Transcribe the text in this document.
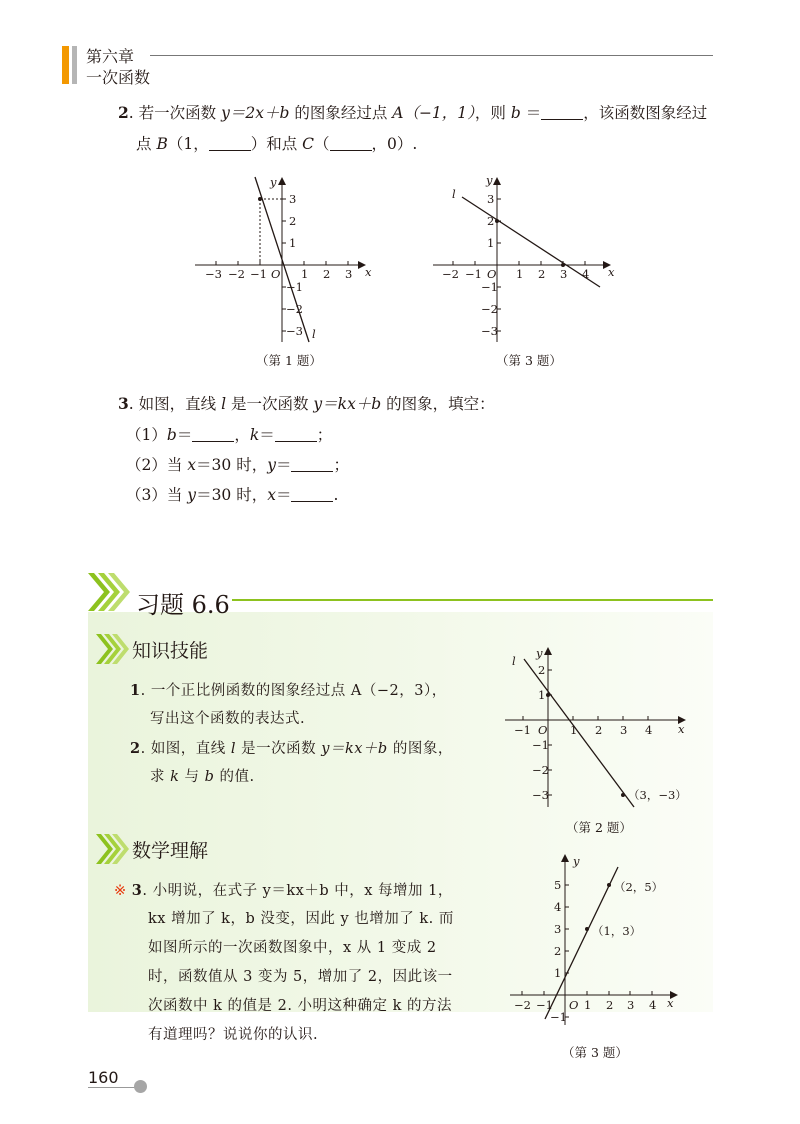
第六章
一次函数
2. 若一次函数 y＝2x＋b 的图象经过点 A（−1，1），则 b ＝	，该函数图象经过
点 B（1，	）和点 C（	，0）.
−3 −2 −1	1 2 3
3
2
1
−1
−2
−3
O	x
y
l
（第 1 题）
−2 −1	1 2 3 4
3
2
1
−1
−2
−3
O	x
y
l
（第 3 题）
3. 如图，直线 l 是一次函数 y＝kx＋b 的图象，填空：
（1）b＝	，k＝	；
（2）当 x＝30 时，y＝	；
（3）当 y＝30 时，x＝	.
习题 6.6
知识技能
1. 一个正比例函数的图象经过点 A（−2，3），
写出这个函数的表达式.
2. 如图，直线 l 是一次函数 y＝kx＋b 的图象，
求 k 与 b 的值.
−1	1 2 3 4
2
1
−1
−2
−3
O	x
y
l
（3，−3）
（第 2 题）
数学理解
※ 3. 小明说，在式子 y＝kx＋b 中，x 每增加 1，
kx 增加了 k，b 没变，因此 y 也增加了 k. 而
如图所示的一次函数图象中，x 从 1 变成 2
时，函数值从 3 变为 5，增加了 2，因此该一
次函数中 k 的值是 2. 小明这种确定 k 的方法
有道理吗？说说你的认识.
−2 −1	1 2 3 4
5
4
3
2
1
−1
O	x
y
（2，5）
（1，3）
（第 3 题）
160
